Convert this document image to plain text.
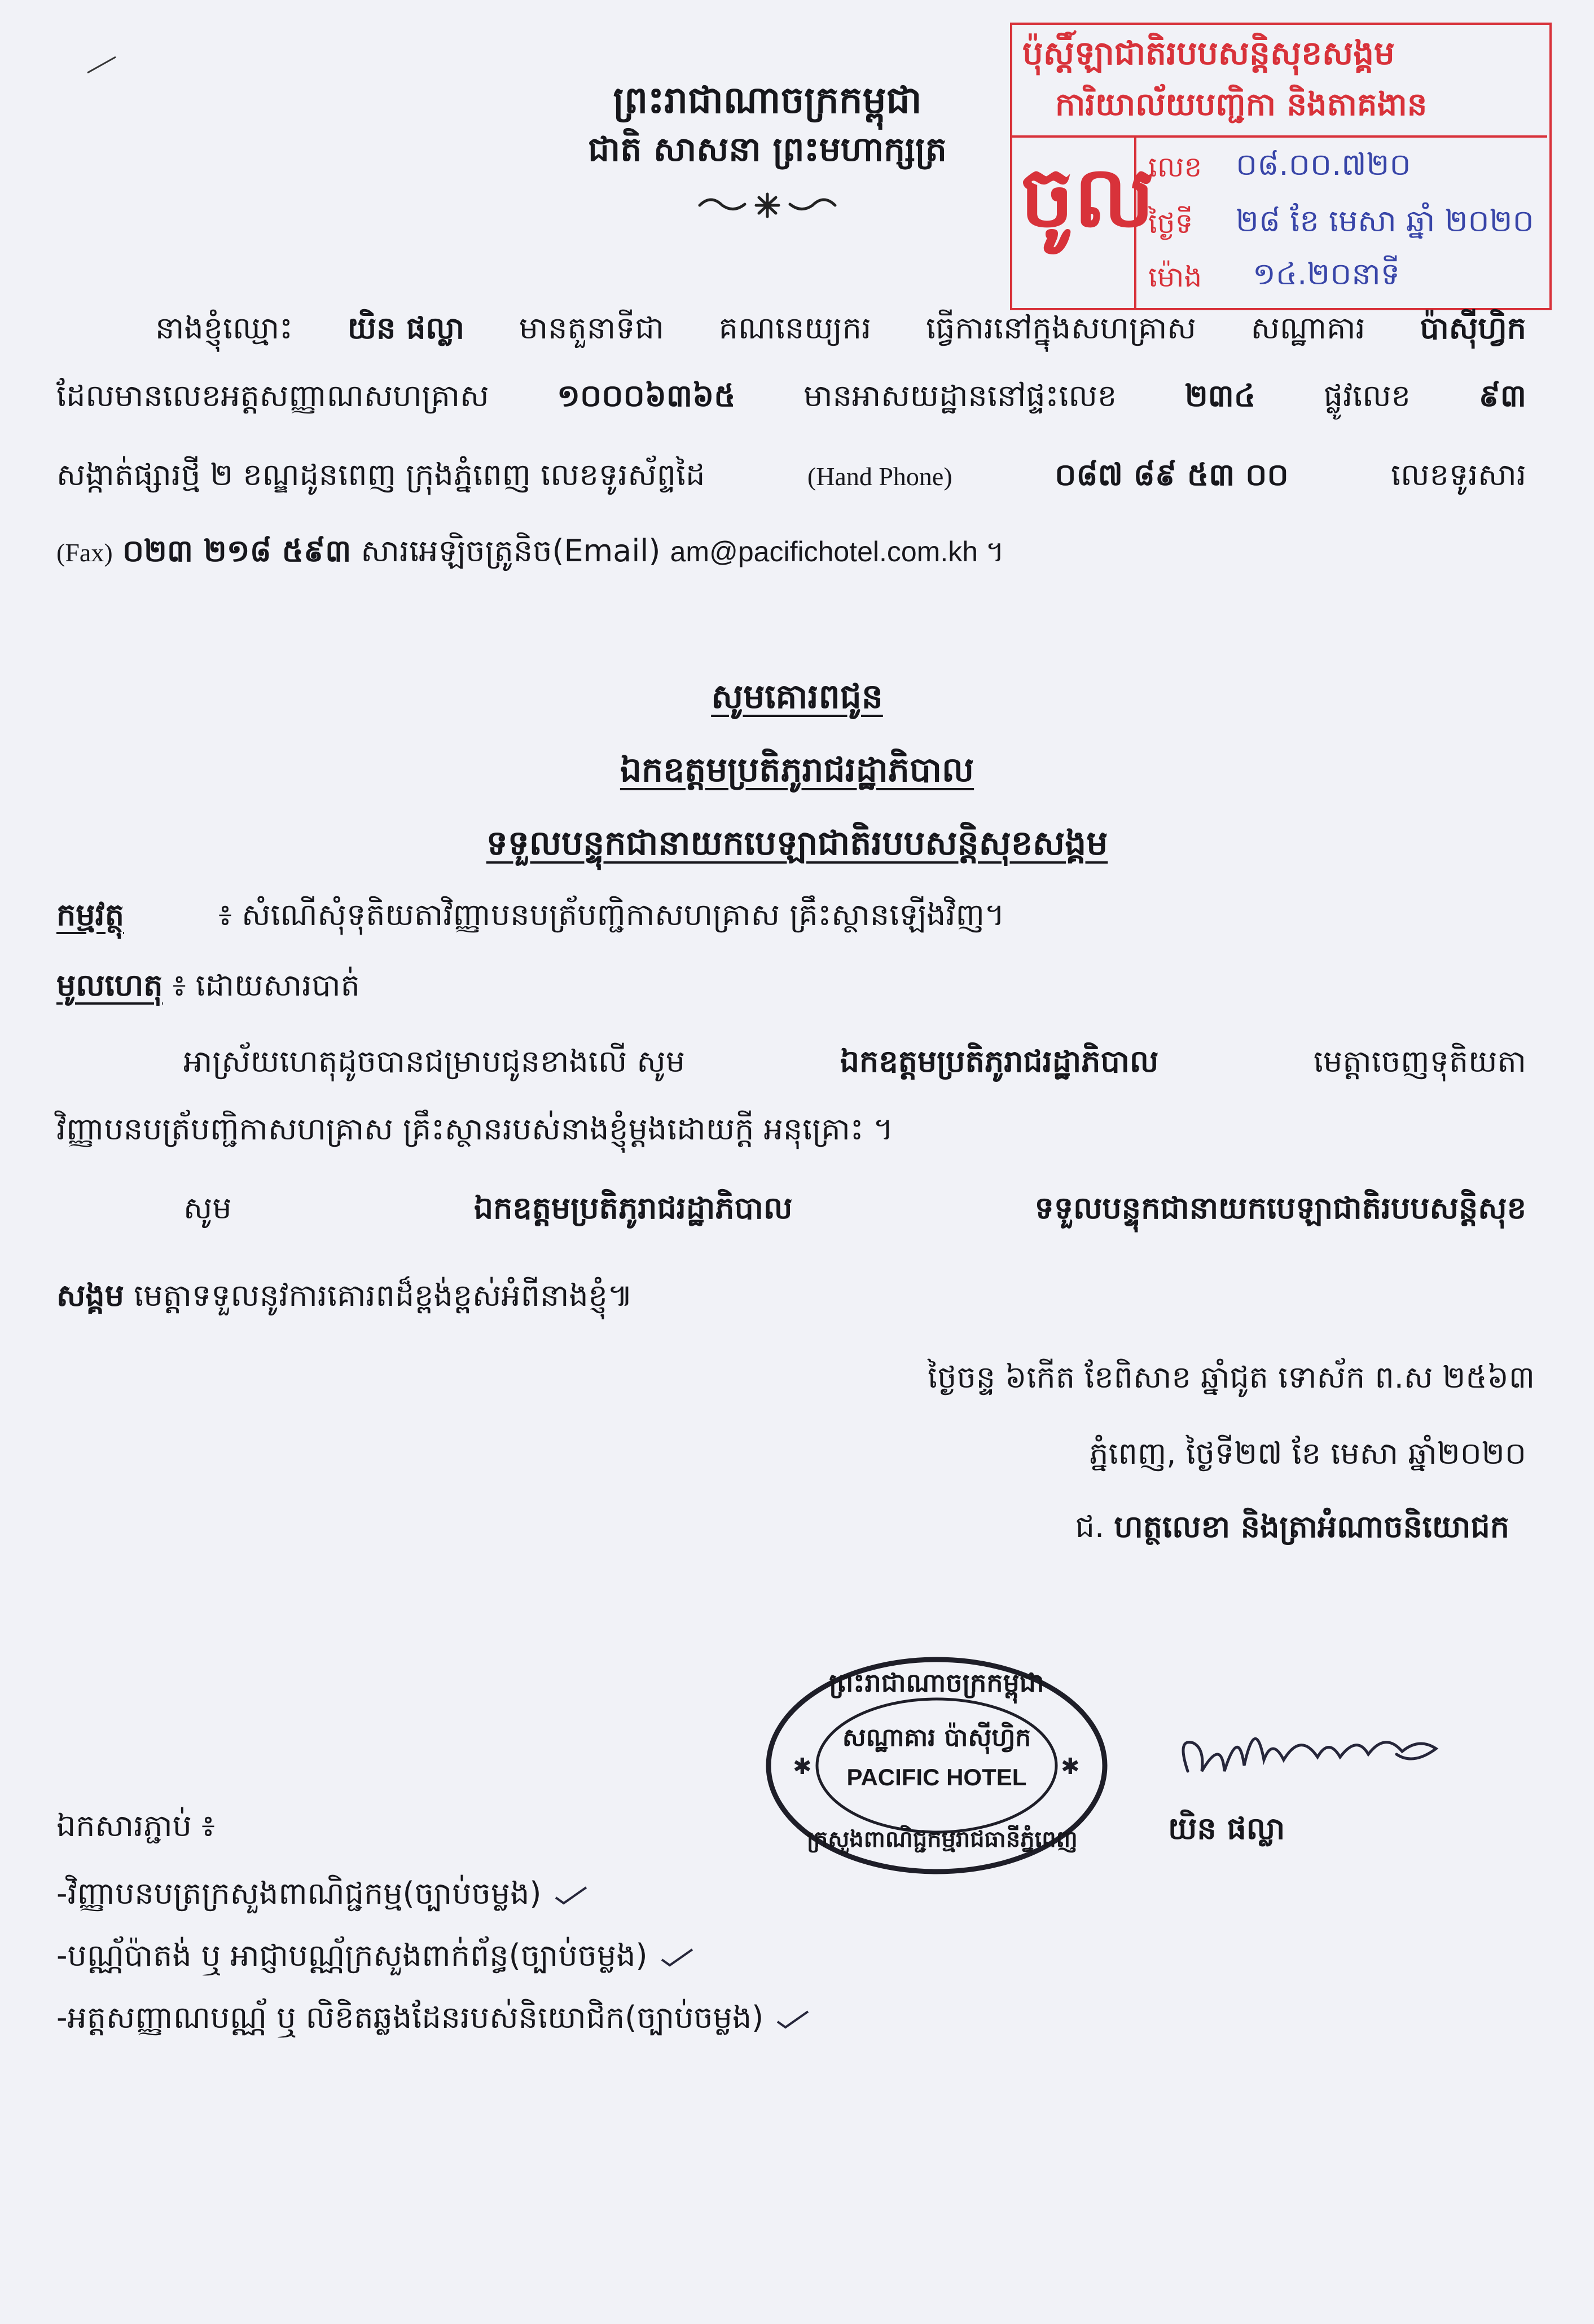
ព្រះរាជាណាចក្រកម្ពុជា
ជាតិ សាសនា ព្រះមហាក្សត្រ
ប៉ុស្តិ៍ឡាជាតិរបបសន្តិសុខសង្គម
ការិយាល័យបញ្ជិកា និងតាគងាន
ចូល
លេខ ០៨.០០.៧២០
ថ្ងៃទី ២៨ ខែ មេសា ឆ្នាំ ២០២០
ម៉ោង ១៤.២០នាទី
នាងខ្ញុំឈ្មោះ យិន ផល្លា មានតួនាទីជា គណនេយ្យករ ធ្វើការនៅក្នុងសហគ្រាស សណ្ឋាគារ ប៉ាស៊ីហ្វិក
ដែលមានលេខអត្តសញ្ញាណសហគ្រាស ១០០០៦៣៦៥ មានអាសយដ្ឋាននៅផ្ទះលេខ ២៣៤ ផ្លូវលេខ ៩៣
សង្កាត់ផ្សារថ្មី ២ ខណ្ឌដូនពេញ ក្រុងភ្នំពេញ លេខទូរស័ព្ទដៃ	(Hand Phone)	០៨៧ ៨៩ ៥៣ ០០	លេខទូរសារ
(Fax) ០២៣ ២១៨ ៥៩៣ សារអេឡិចត្រូនិច(Email) am@pacifichotel.com.kh ។
សូមគោរពជូន
ឯកឧត្តមប្រតិភូរាជរដ្ឋាភិបាល
ទទួលបន្ទុកជានាយកបេឡាជាតិរបបសន្តិសុខសង្គម
កម្មវត្ថុ	៖ សំណើសុំទុតិយតាវិញ្ញាបនបត្រ័បញ្ជិកាសហគ្រាស គ្រឹះស្ថានឡើងវិញ។
មូលហេតុ ៖ ដោយសារបាត់
អាស្រ័យហេតុដូចបានជម្រាបជូនខាងលើ សូម	ឯកឧត្តមប្រតិភូរាជរដ្ឋាភិបាល	មេត្តាចេញទុតិយតា
វិញ្ញាបនបត្រ័បញ្ជិកាសហគ្រាស គ្រឹះស្ថានរបស់នាងខ្ញុំម្តងដោយក្តី អនុគ្រោះ ។
សូម	ឯកឧត្តមប្រតិភូរាជរដ្ឋាភិបាល	ទទួលបន្ទុកជានាយកបេឡាជាតិរបបសន្តិសុខ
សង្គម មេត្តាទទួលនូវការគោរពដ៏ខ្ពង់ខ្ពស់អំពីនាងខ្ញុំ៕
ថ្ងៃចន្ទ ៦កើត ខែពិសាខ ឆ្នាំជូត ទោស័ក ព.ស ២៥៦៣
ភ្នំពេញ, ថ្ងៃទី២៧ ខែ មេសា ឆ្នាំ២០២០
ជ. ហត្ថលេខា និងត្រាអំណាចនិយោជក
✱	✱
ព្រះរាជាណាចក្រកម្ពុជា
សណ្ឋាគារ ប៉ាស៊ីហ្វិក
PACIFIC HOTEL
ក្រសួងពាណិជ្ជកម្មរាជធានីភ្នំពេញ	យិន ផល្លា
ឯកសារភ្ជាប់ ៖
-វិញ្ញាបនបត្រក្រសួងពាណិជ្ជកម្ម(ច្បាប់ចម្លង)
-បណ្ណ័ប៉ាតង់ ឬ អាជ្ញាបណ្ណ័ក្រសួងពាក់ព័ន្ធ(ច្បាប់ចម្លង)
-អត្តសញ្ញាណបណ្ណ័ ឬ លិខិតឆ្លងដែនរបស់និយោជិក(ច្បាប់ចម្លង)
